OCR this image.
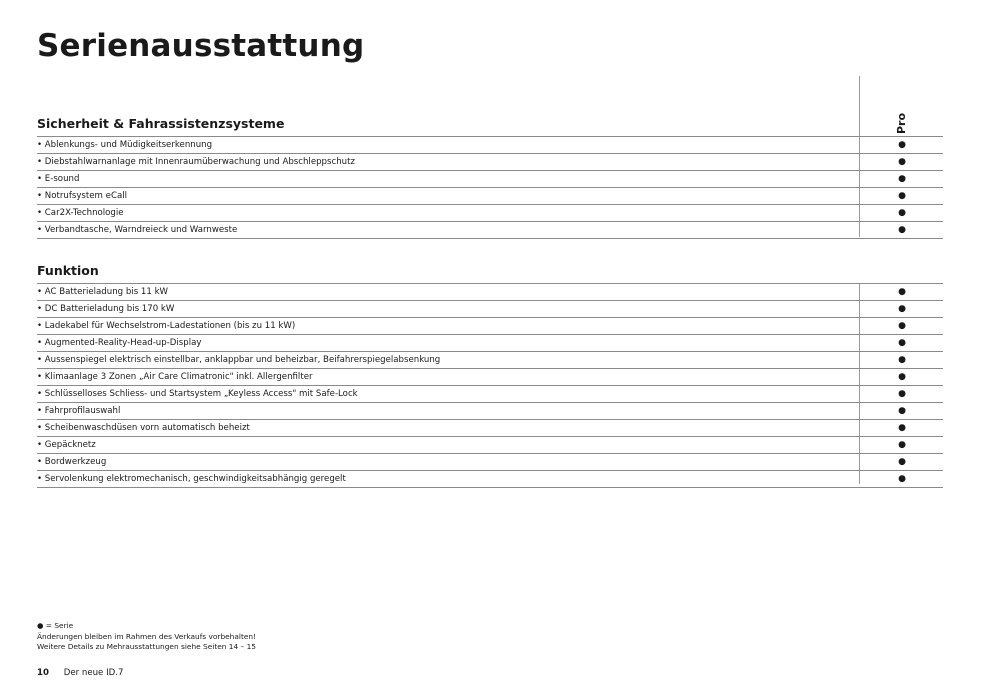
Serienausstattung
Pro
Sicherheit & Fahrassistenzsysteme
• Ablenkungs- und Müdigkeitserkennung	●
• Diebstahlwarnanlage mit Innenraumüberwachung und Abschleppschutz	●
• E-sound	●
• Notrufsystem eCall	●
• Car2X-Technologie	●
• Verbandtasche, Warndreieck und Warnweste	●
Funktion
• AC Batterieladung bis 11 kW	●
• DC Batterieladung bis 170 kW	●
• Ladekabel für Wechselstrom-Ladestationen (bis zu 11 kW)	●
• Augmented-Reality-Head-up-Display	●
• Aussenspiegel elektrisch einstellbar, anklappbar und beheizbar, Beifahrerspiegelabsenkung	●
• Klimaanlage 3 Zonen „Air Care Climatronic" inkl. Allergenfilter	●
• Schlüsselloses Schliess- und Startsystem „Keyless Access" mit Safe-Lock	●
• Fahrprofilauswahl	●
• Scheibenwaschdüsen vorn automatisch beheizt	●
• Gepäcknetz	●
• Bordwerkzeug	●
• Servolenkung elektromechanisch, geschwindigkeitsabhängig geregelt	●
● = Serie
Änderungen bleiben im Rahmen des Verkaufs vorbehalten!
Weitere Details zu Mehrausstattungen siehe Seiten 14 – 15
10 Der neue ID.7
